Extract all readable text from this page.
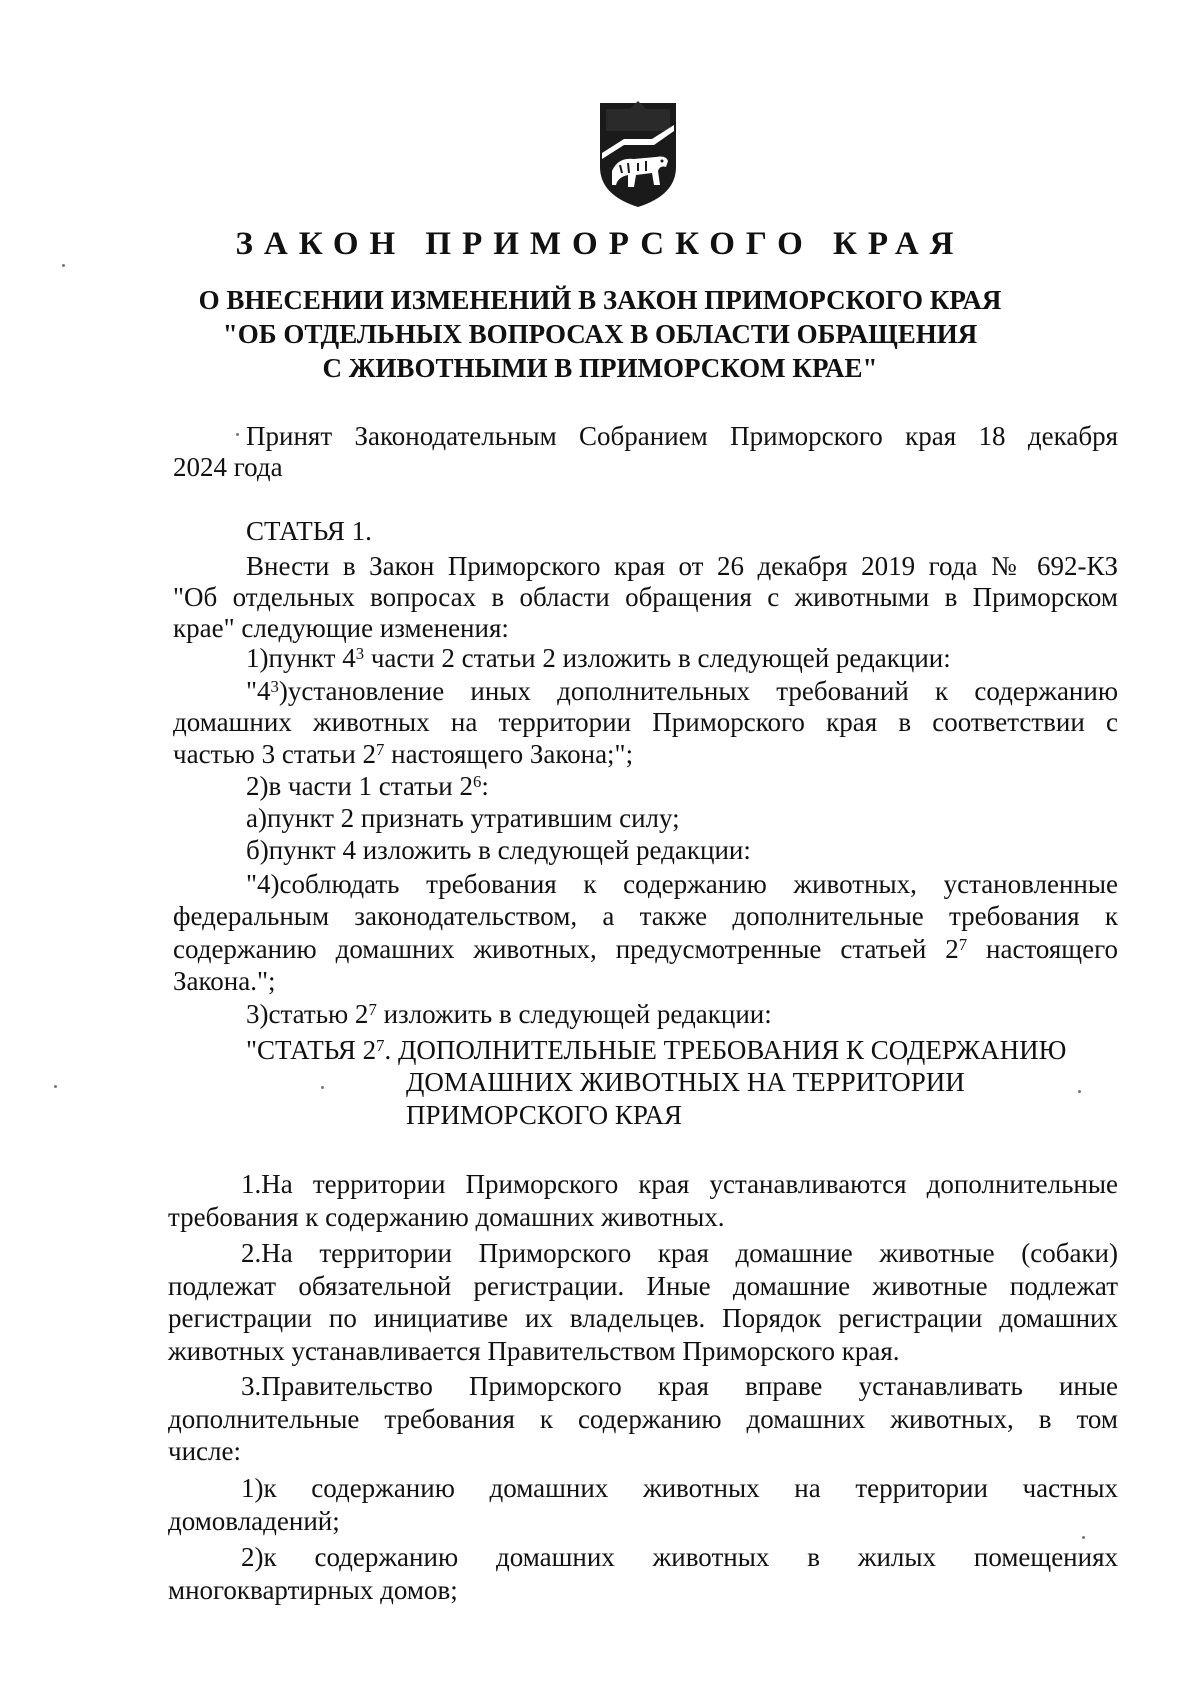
ЗАКОН ПРИМОРСКОГО КРАЯ
О ВНЕСЕНИИ ИЗМЕНЕНИЙ В ЗАКОН ПРИМОРСКОГО КРАЯ
"ОБ ОТДЕЛЬНЫХ ВОПРОСАХ В ОБЛАСТИ ОБРАЩЕНИЯ
С ЖИВОТНЫМИ В ПРИМОРСКОМ КРАЕ"
Принят Законодательным Собранием Приморского края 18 декабря
2024 года
СТАТЬЯ 1.
Внести в Закон Приморского края от 26 декабря 2019 года № 692-КЗ
"Об отдельных вопросах в области обращения с животными в Приморском
крае" следующие изменения:
1)пункт $4^3$ части 2 статьи 2 изложить в следующей редакции:
"$4^3)установление$ иных дополнительных требований к содержанию
домашних животных на территории Приморского края в соответствии с
частью 3 статьи $2^7$ настоящего Закона;";
2)в части 1 статьи $2^6$:
а)пункт 2 признать утратившим силу;
б)пункт 4 изложить в следующей редакции:
"4)соблюдать требования к содержанию животных, установленные
федеральным законодательством, а также дополнительные требования к
содержанию домашних животных, предусмотренные статьей $2^7$ настоящего
Закона.";
3)статью $2^7$ изложить в следующей редакции:
"СТАТЬЯ $2^7$. ДОПОЛНИТЕЛЬНЫЕ ТРЕБОВАНИЯ К СОДЕРЖАНИЮ
ДОМАШНИХ ЖИВОТНЫХ НА ТЕРРИТОРИИ
ПРИМОРСКОГО КРАЯ
1.На территории Приморского края устанавливаются дополнительные
требования к содержанию домашних животных.
2.На территории Приморского края домашние животные (собаки)
подлежат обязательной регистрации. Иные домашние животные подлежат
регистрации по инициативе их владельцев. Порядок регистрации домашних
животных устанавливается Правительством Приморского края.
3.Правительство Приморского края вправе устанавливать иные
дополнительные требования к содержанию домашних животных, в том
числе:
1)к содержанию домашних животных на территории частных
домовладений;
2)к содержанию домашних животных в жилых помещениях
многоквартирных домов;
